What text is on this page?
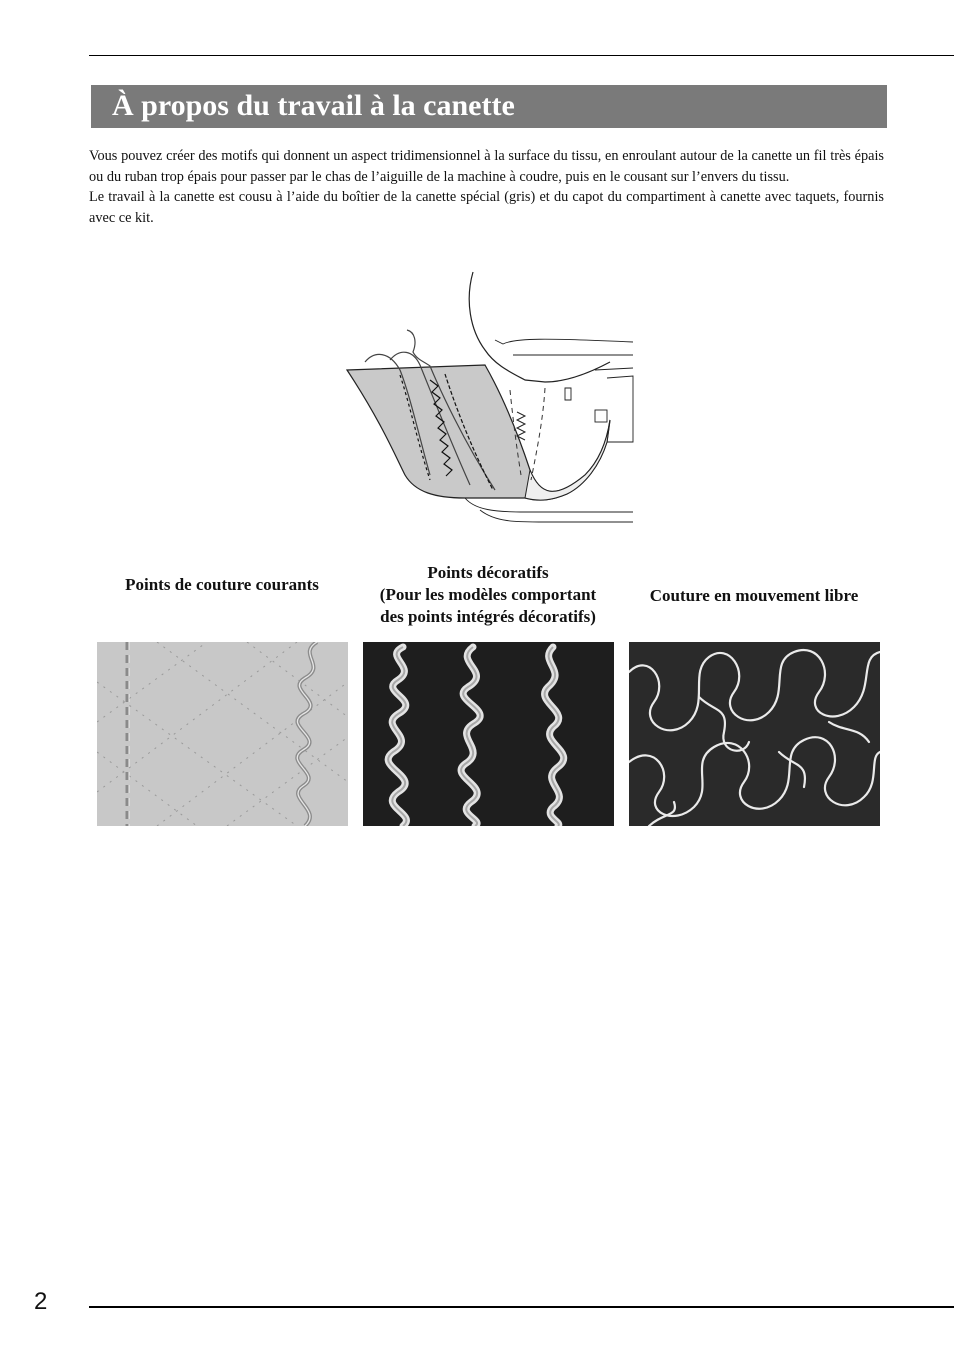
À propos du travail à la canette

Vous pouvez créer des motifs qui donnent un aspect tridimensionnel à la surface du tissu, en enroulant autour de la canette un fil très épais ou du ruban trop épais pour passer par le chas de l’aiguille de la machine à coudre, puis en le cousant sur l’envers du tissu.

Le travail à la canette est cousu à l’aide du boîtier de la canette spécial (gris) et du capot du compartiment à canette avec taquets, fournis avec ce kit.

Points de couture courants
Points décoratifs
(Pour les modèles comportant
des points intégrés décoratifs)
Couture en mouvement libre
2
